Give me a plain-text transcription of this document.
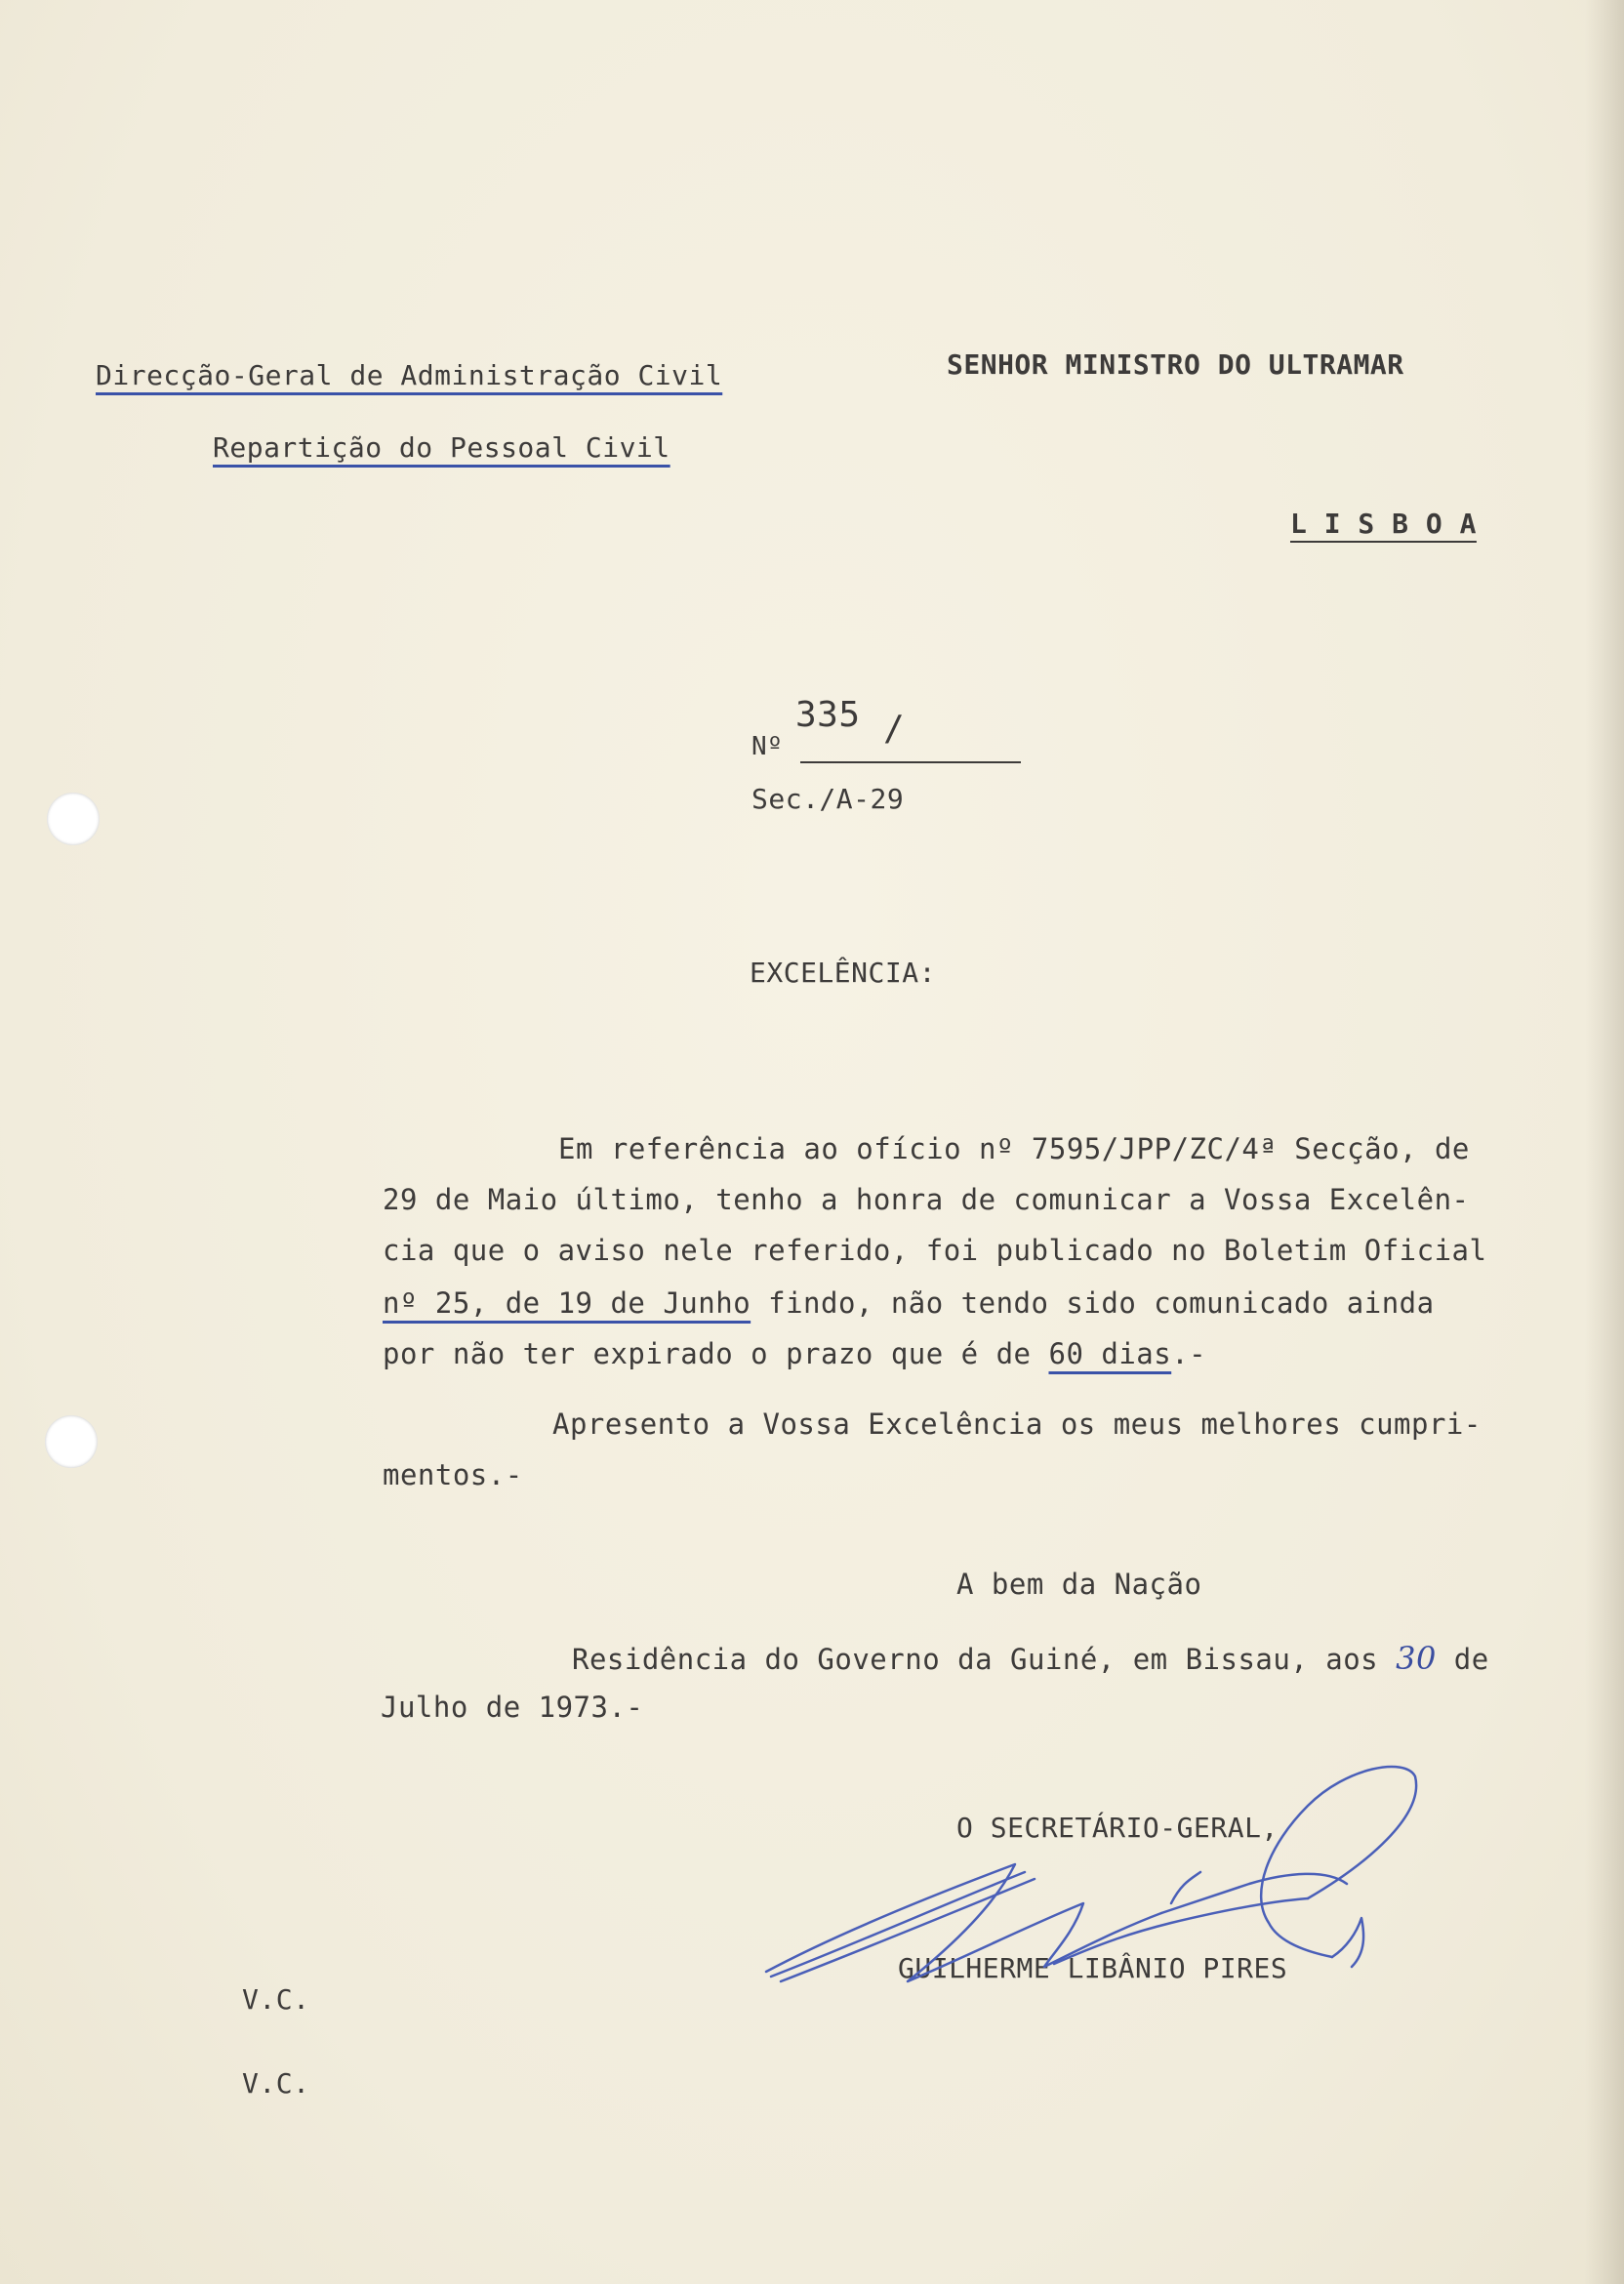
Direcção-Geral de Administração Civil
Repartição do Pessoal Civil
SENHOR MINISTRO DO ULTRAMAR
L I S B O A
Nº
335 /
Sec./A-29
EXCELÊNCIA:
Em referência ao ofício nº 7595/JPP/ZC/4ª Secção, de
29 de Maio último, tenho a honra de comunicar a Vossa Excelên-
cia que o aviso nele referido, foi publicado no Boletim Oficial
nº 25, de 19 de Junho findo, não tendo sido comunicado ainda
por não ter expirado o prazo que é de 60 dias.-
Apresento a Vossa Excelência os meus melhores cumpri-
mentos.-
A bem da Nação
Residência do Governo da Guiné, em Bissau, aos 30 de
Julho de 1973.-
O SECRETÁRIO-GERAL,
GUILHERME LIBÂNIO PIRES
V.C.
V.C.
